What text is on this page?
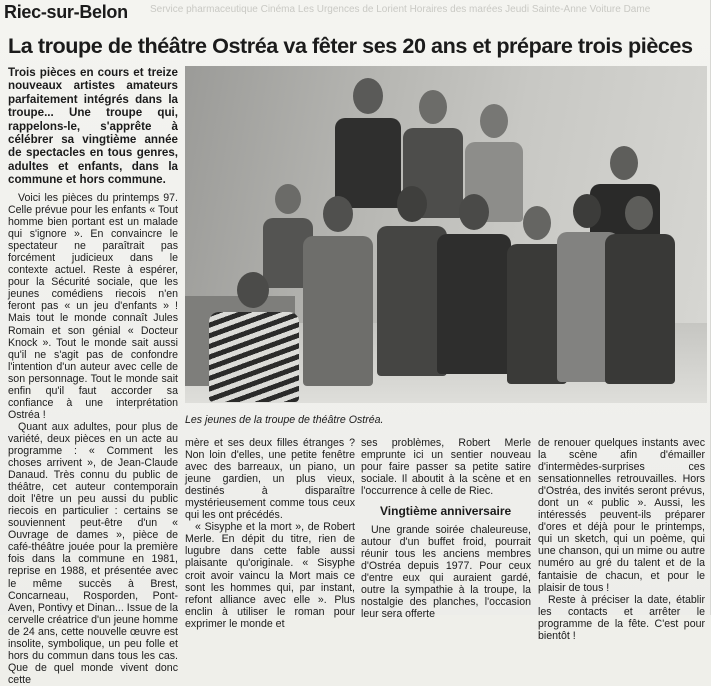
Service pharmaceutique Cinéma Les Urgences de Lorient Horaires des marées Jeudi Sainte-Anne Voiture Dame
Riec-sur-Belon
La troupe de théâtre Ostréa va fêter ses 20 ans et prépare trois pièces
Trois pièces en cours et treize nouveaux artistes amateurs parfaitement intégrés dans la troupe... Une troupe qui, rappelons-le, s'apprête à célébrer sa vingtième année de spectacles en tous genres, adultes et enfants, dans la commune et hors commune.

Voici les pièces du printemps 97. Celle prévue pour les enfants « Tout homme bien portant est un malade qui s'ignore ». En convaincre le spectateur ne paraîtrait pas forcément judicieux dans le contexte actuel. Reste à espérer, pour la Sécurité sociale, que les jeunes comédiens riecois n'en feront pas « un jeu d'enfants » ! Mais tout le monde connaît Jules Romain et son génial « Docteur Knock ». Tout le monde sait aussi qu'il ne s'agit pas de confondre l'intention d'un auteur avec celle de son personnage. Tout le monde sait enfin qu'il faut accorder sa confiance à une interprétation Ostréa !

Quant aux adultes, pour plus de variété, deux pièces en un acte au programme : « Comment les choses arrivent », de Jean-Claude Danaud. Très connu du public de théâtre, cet auteur contemporain doit l'être un peu aussi du public riecois en particulier : certains se souviennent peut-être d'un « Ouvrage de dames », pièce de café-théâtre jouée pour la première fois dans la commune en 1981, reprise en 1988, et présentée avec le même succès à Brest, Concarneau, Rosporden, Pont-Aven, Pontivy et Dinan... Issue de la cervelle créatrice d'un jeune homme de 24 ans, cette nouvelle œuvre est insolite, symbolique, un peu folle et hors du commun dans tous les cas. Que de quel monde vivent donc cette

Les jeunes de la troupe de théâtre Ostréa.

mère et ses deux filles étranges ? Non loin d'elles, une petite fenêtre avec des barreaux, un piano, un jeune gardien, un plus vieux, destinés à disparaître mystérieusement comme tous ceux qui les ont précédés.

« Sisyphe et la mort », de Robert Merle. En dépit du titre, rien de lugubre dans cette fable aussi plaisante qu'originale. « Sisyphe croit avoir vaincu la Mort mais ce sont les hommes qui, par instant, refont alliance avec elle ». Plus enclin à utiliser le roman pour exprimer le monde et

ses problèmes, Robert Merle emprunte ici un sentier nouveau pour faire passer sa petite satire sociale. Il aboutit à la scène et en l'occurrence à celle de Riec.

Vingtième anniversaire

Une grande soirée chaleureuse, autour d'un buffet froid, pourrait réunir tous les anciens membres d'Ostréa depuis 1977. Pour ceux d'entre eux qui auraient gardé, outre la sympathie à la troupe, la nostalgie des planches, l'occasion leur sera offerte

de renouer quelques instants avec la scène afin d'émailler d'intermèdes-surprises ces sensationnelles retrouvailles. Hors d'Ostréa, des invités seront prévus, dont un « public ». Aussi, les intéressés peuvent-ils préparer d'ores et déjà pour le printemps, qui un sketch, qui un poème, qui une chanson, qui un mime ou autre numéro au gré du talent et de la fantaisie de chacun, et pour le plaisir de tous !

Reste à préciser la date, établir les contacts et arrêter le programme de la fête. C'est pour bientôt !
